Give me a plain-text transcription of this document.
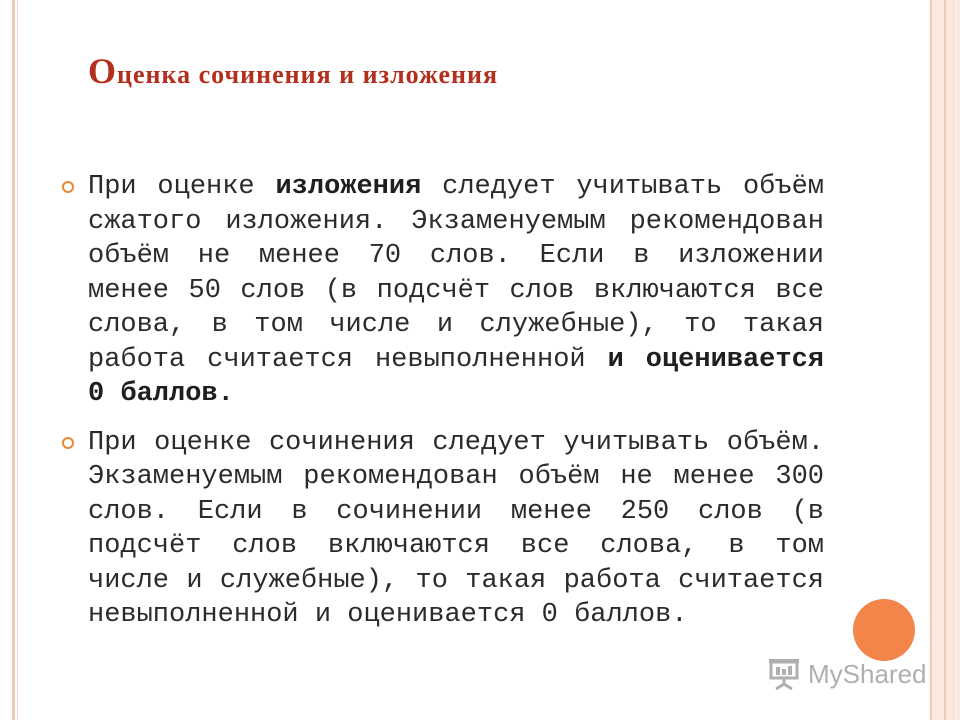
Оценка сочинения и изложения

При оценке изложения следует учитывать объём сжатого изложения. Экзаменуемым рекомендован объём не менее 70 слов. Если в изложении менее 50 слов (в подсчёт слов включаются все слова, в том числе и служебные), то такая работа считается невыполненной и оценивается 0 баллов.

При оценке сочинения следует учитывать объём. Экзаменуемым рекомендован объём не менее 300 слов. Если в сочинении менее 250 слов (в подсчёт слов включаются все слова, в том числе и служебные), то такая работа считается невыполненной и оценивается 0 баллов.

MyShared
